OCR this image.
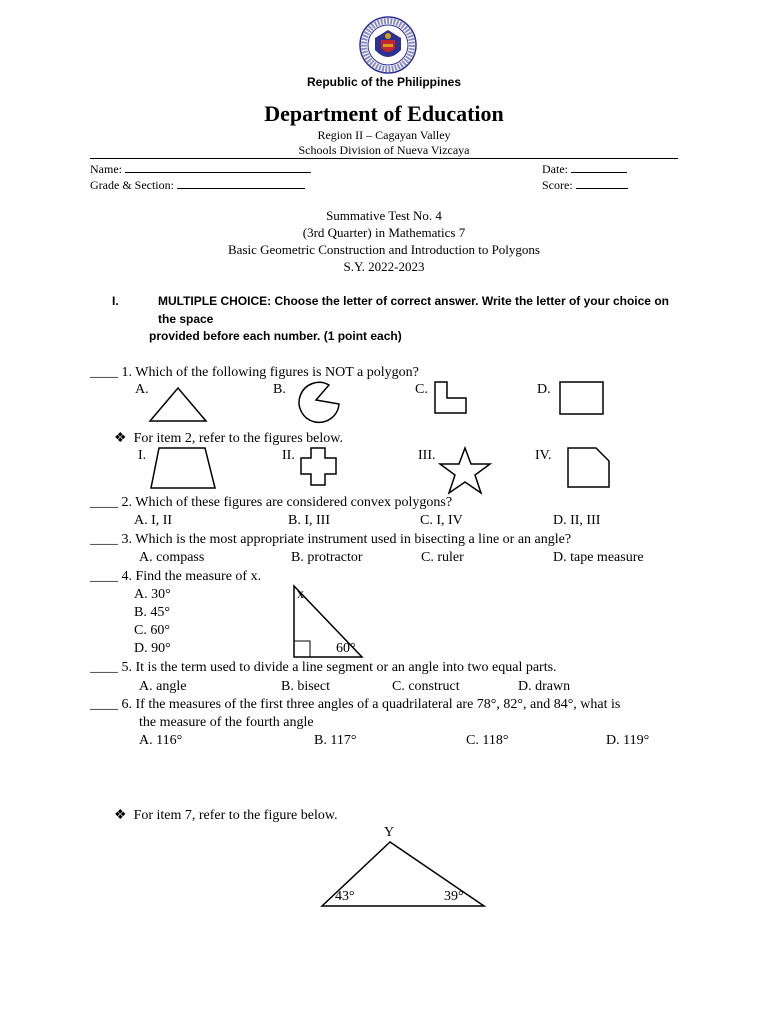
Republic of the Philippines
Department of Education
Region II – Cagayan Valley
Schools Division of Nueva Vizcaya
Name:
Grade & Section:
Date:
Score:
Summative Test No. 4
(3rd Quarter) in Mathematics 7
Basic Geometric Construction and Introduction to Polygons
S.Y. 2022-2023
I.	MULTIPLE CHOICE: Choose the letter of correct answer. Write the letter of your choice on
the space
provided before each number. (1 point each)
____ 1. Which of the following figures is NOT a polygon?
A.	B.	C.	D.
❖ For item 2, refer to the figures below.
I.	II.	III.	IV.
____ 2. Which of these figures are considered convex polygons?
A. I, II	B. I, III	C. I, IV	D. II, III
____ 3. Which is the most appropriate instrument used in bisecting a line or an angle?
A. compass	B. protractor	C. ruler	D. tape measure
____ 4. Find the measure of x.
A. 30°
B. 45°
C. 60°
D. 90°
x
60°
____ 5. It is the term used to divide a line segment or an angle into two equal parts.
A. angle	B. bisect	C. construct	D. drawn
____ 6. If the measures of the first three angles of a quadrilateral are 78°, 82°, and 84°, what is
the measure of the fourth angle
A. 116°	B. 117°	C. 118°	D. 119°
❖ For item 7, refer to the figure below.
Y
43°	39°
